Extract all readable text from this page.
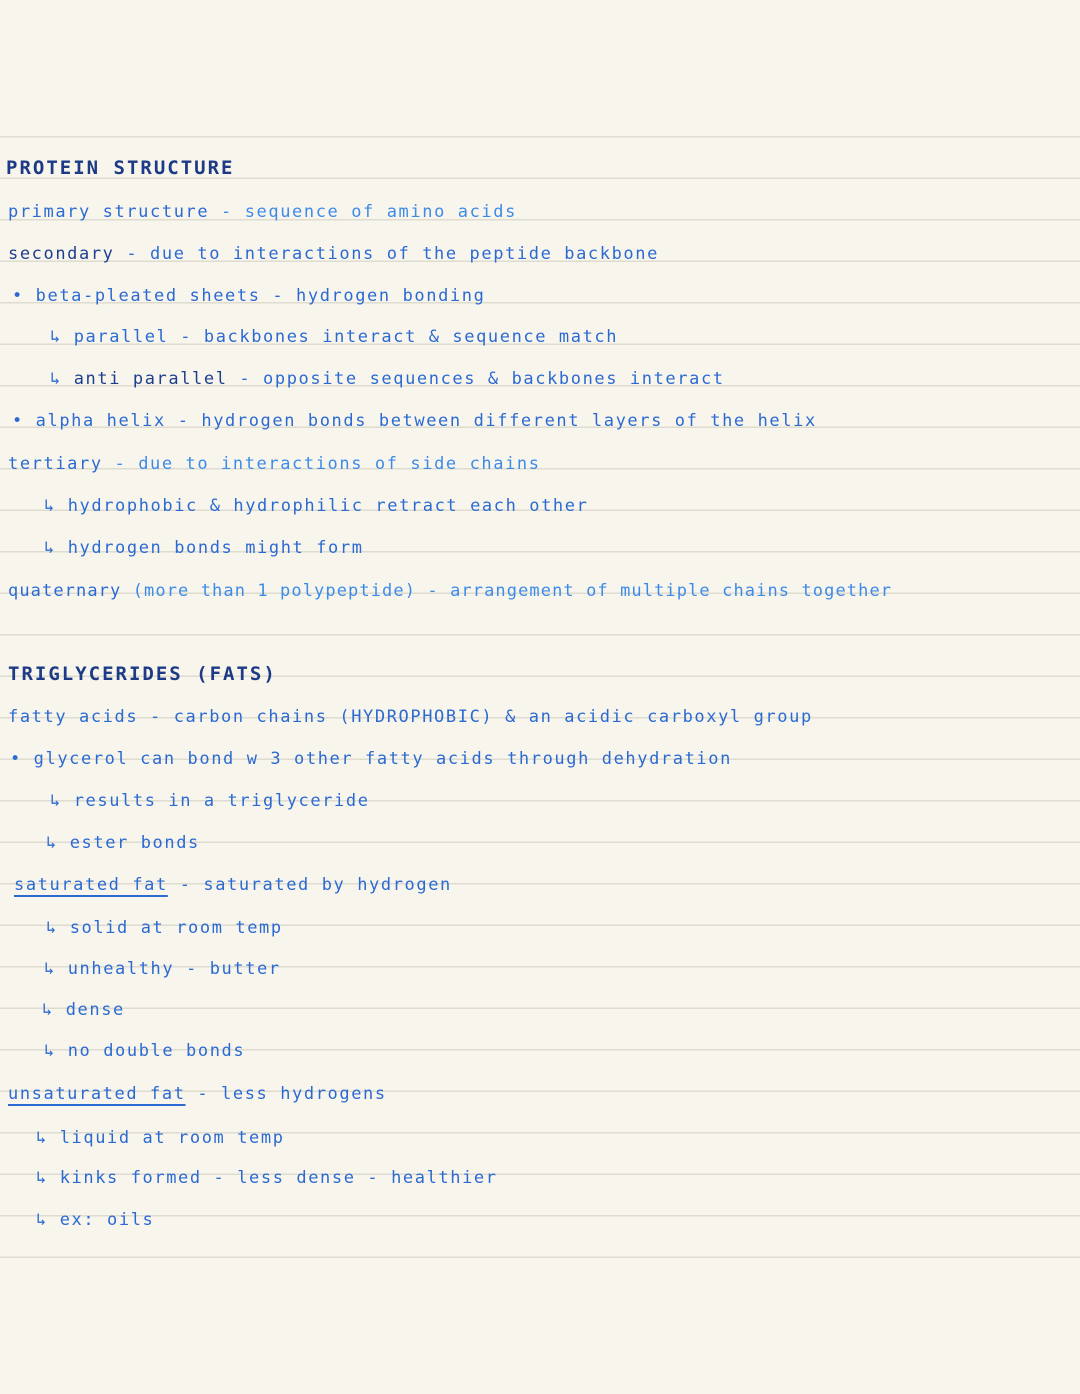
PROTEIN STRUCTURE
primary structure - sequence of amino acids
secondary - due to interactions of the peptide backbone
• beta-pleated sheets - hydrogen bonding
↳ parallel - backbones interact & sequence match
↳ anti parallel - opposite sequences & backbones interact
• alpha helix - hydrogen bonds between different layers of the helix
tertiary - due to interactions of side chains
↳ hydrophobic & hydrophilic retract each other
↳ hydrogen bonds might form
quaternary (more than 1 polypeptide) - arrangement of multiple chains together
TRIGLYCERIDES (FATS)
fatty acids - carbon chains (HYDROPHOBIC) & an acidic carboxyl group
• glycerol can bond w 3 other fatty acids through dehydration
↳ results in a triglyceride
↳ ester bonds
saturated fat - saturated by hydrogen
↳ solid at room temp
↳ unhealthy - butter
↳ dense
↳ no double bonds
unsaturated fat - less hydrogens
↳ liquid at room temp
↳ kinks formed - less dense - healthier
↳ ex: oils
